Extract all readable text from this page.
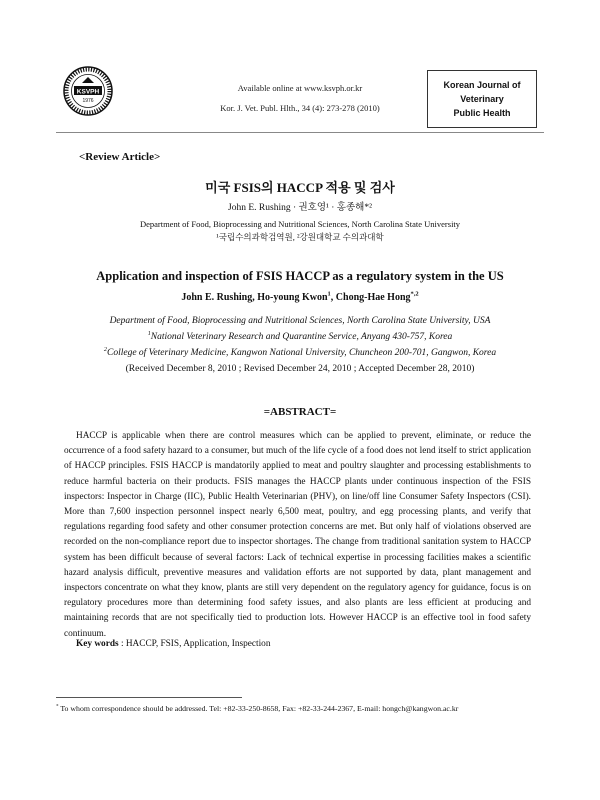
KSVPH
1976
Available online at www.ksvph.or.kr
Kor. J. Vet. Publ. Hlth., 34 (4): 273-278 (2010)
Korean Journal of
Veterinary
Public Health
<Review Article>
미국 FSIS의 HACCP 적용 및 검사
John E. Rushing · 권호영¹ · 홍종해*²
Department of Food, Bioprocessing and Nutritional Sciences, North Carolina State University
¹국립수의과학검역원, ²강원대학교 수의과대학
Application and inspection of FSIS HACCP as a regulatory system in the US
John E. Rushing, Ho-young Kwon$^1$, Chong-Hae Hong$^{*,2}$
Department of Food, Bioprocessing and Nutritional Sciences, North Carolina State University, USA
$^1$National Veterinary Research and Quarantine Service, Anyang 430-757, Korea
$^2$College of Veterinary Medicine, Kangwon National University, Chuncheon 200-701, Gangwon, Korea
(Received December 8, 2010 ; Revised December 24, 2010 ; Accepted December 28, 2010)
=ABSTRACT=
HACCP is applicable when there are control measures which can be applied to prevent, eliminate, or reduce the occurrence of a food safety hazard to a consumer, but much of the life cycle of a food does not lend itself to strict application of HACCP principles. FSIS HACCP is mandatorily applied to meat and poultry slaughter and processing establishments to reduce harmful bacteria on their products. FSIS manages the HACCP plants under continuous inspection of the FSIS inspectors: Inspector in Charge (IIC), Public Health Veterinarian (PHV), on line/off line Consumer Safety Inspectors (CSI). More than 7,600 inspection personnel inspect nearly 6,500 meat, poultry, and egg processing plants, and verify that regulations regarding food safety and other consumer protection concerns are met. But only half of violations observed are recorded on the non-compliance report due to inspector shortages. The change from traditional sanitation system to HACCP system has been difficult because of several factors: Lack of technical expertise in processing facilities makes a scientific hazard analysis difficult, preventive measures and validation efforts are not supported by data, plant management and inspectors concentrate on what they know, plants are still very dependent on the regulatory agency for guidance, focus is on regulatory procedures more than determining food safety issues, and also plants are less efficient at producing and maintaining records that are not specifically tied to production lots. However HACCP is an effective tool in food safety continuum.
Key words : HACCP, FSIS, Application, Inspection
* To whom correspondence should be addressed. Tel: +82-33-250-8658, Fax: +82-33-244-2367, E-mail: hongch@kangwon.ac.kr
